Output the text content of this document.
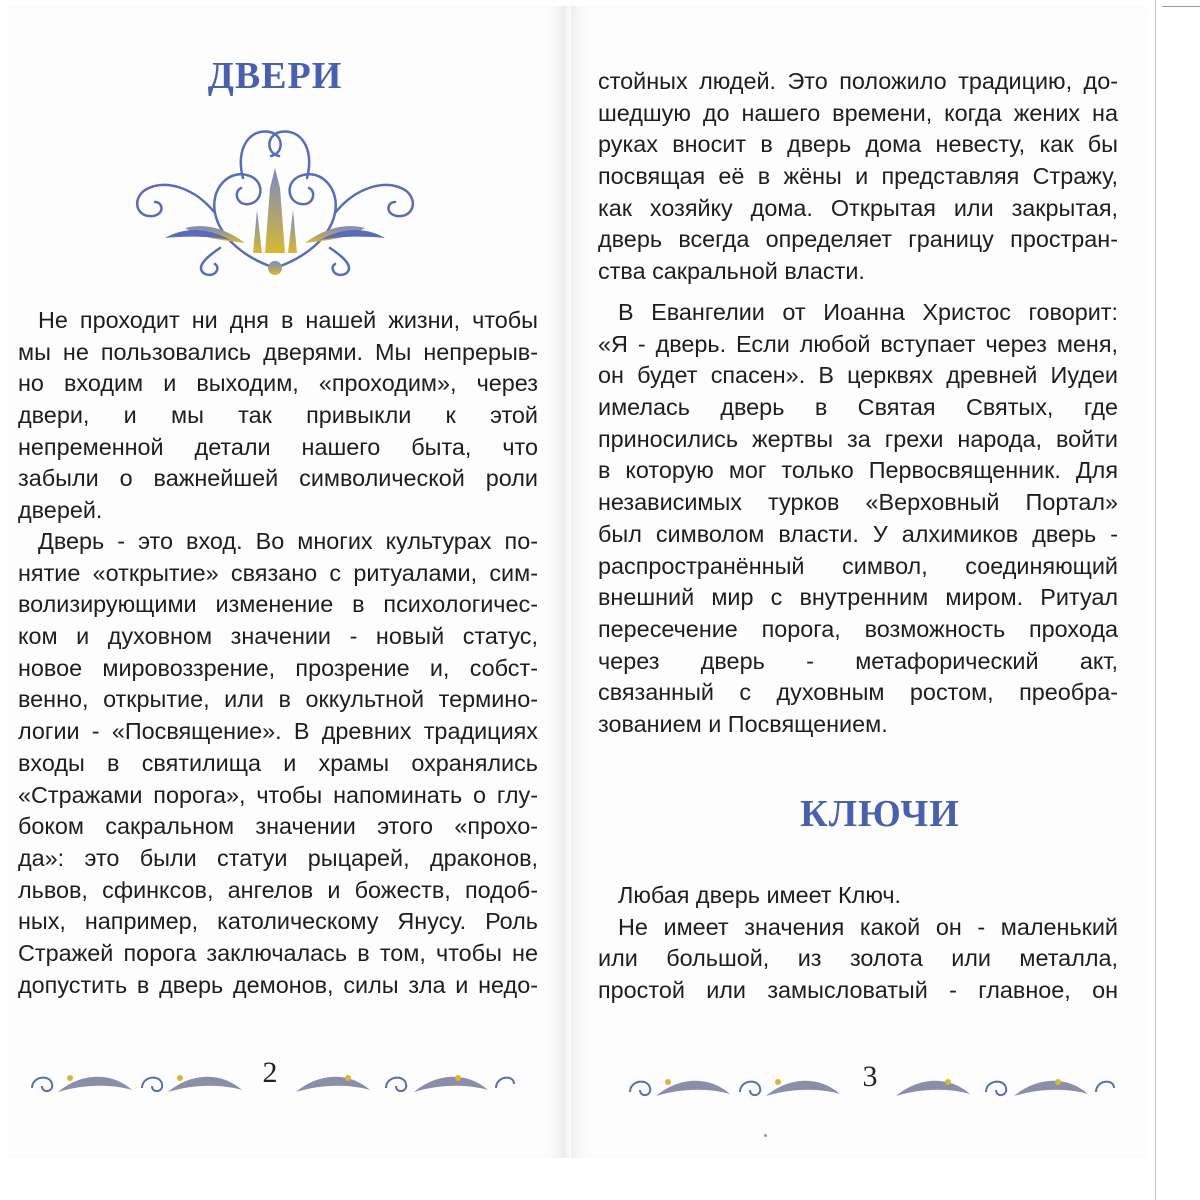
ДВЕРИ
Не проходит ни дня в нашей жизни, чтобы
мы не пользовались дверями. Мы непрерыв-
но входим и выходим, «проходим», через
двери, и мы так привыкли к этой
непременной детали нашего быта, что
забыли о важнейшей символической роли
дверей.
Дверь - это вход. Во многих культурах по-
нятие «открытие» связано с ритуалами, сим-
волизирующими изменение в психологичес-
ком и духовном значении - новый статус,
новое мировоззрение, прозрение и, собст-
венно, открытие, или в оккультной термино-
логии - «Посвящение». В древних традициях
входы в святилища и храмы охранялись
«Стражами порога», чтобы напоминать о глу-
боком сакральном значении этого «прохо-
да»: это были статуи рыцарей, драконов,
львов, сфинксов, ангелов и божеств, подоб-
ных, например, католическому Янусу. Роль
Стражей порога заключалась в том, чтобы не
допустить в дверь демонов, силы зла и недо-
2
стойных людей. Это положило традицию, до-
шедшую до нашего времени, когда жених на
руках вносит в дверь дома невесту, как бы
посвящая её в жёны и представляя Стражу,
как хозяйку дома. Открытая или закрытая,
дверь всегда определяет границу простран-
ства сакральной власти.
В Евангелии от Иоанна Христос говорит:
«Я - дверь. Если любой вступает через меня,
он будет спасен». В церквях древней Иудеи
имелась дверь в Святая Святых, где
приносились жертвы за грехи народа, войти
в которую мог только Первосвященник. Для
независимых турков «Верховный Портал»
был символом власти. У алхимиков дверь -
распространённый символ, соединяющий
внешний мир с внутренним миром. Ритуал
пересечение порога, возможность прохода
через дверь - метафорический акт,
связанный с духовным ростом, преобра-
зованием и Посвящением.
КЛЮЧИ
Любая дверь имеет Ключ.
Не имеет значения какой он - маленький
или большой, из золота или металла,
простой или замысловатый - главное, он
3
